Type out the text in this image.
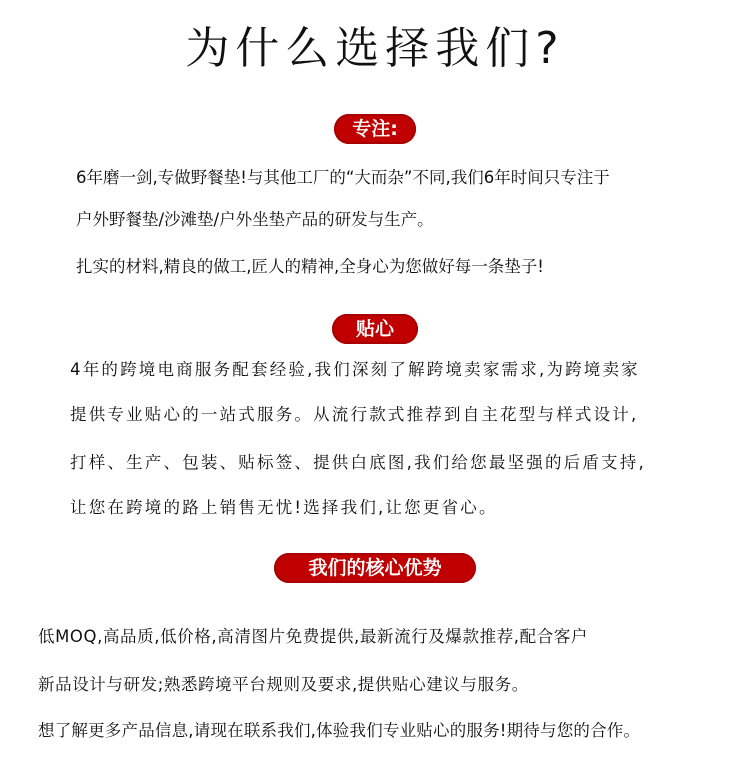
为什么选择我们?
专注:

6年磨一剑,专做野餐垫!与其他工厂的“大而杂”不同,我们6年时间只专注于

户外野餐垫/沙滩垫/户外坐垫产品的研发与生产。

扎实的材料,精良的做工,匠人的精神,全身心为您做好每一条垫子!

贴心

4年的跨境电商服务配套经验,我们深刻了解跨境卖家需求,为跨境卖家

提供专业贴心的一站式服务。从流行款式推荐到自主花型与样式设计,

打样、生产、包装、贴标签、提供白底图,我们给您最坚强的后盾支持,

让您在跨境的路上销售无忧!选择我们,让您更省心。

我们的核心优势

低MOQ,高品质,低价格,高清图片免费提供,最新流行及爆款推荐,配合客户

新品设计与研发;熟悉跨境平台规则及要求,提供贴心建议与服务。

想了解更多产品信息,请现在联系我们,体验我们专业贴心的服务!期待与您的合作。
